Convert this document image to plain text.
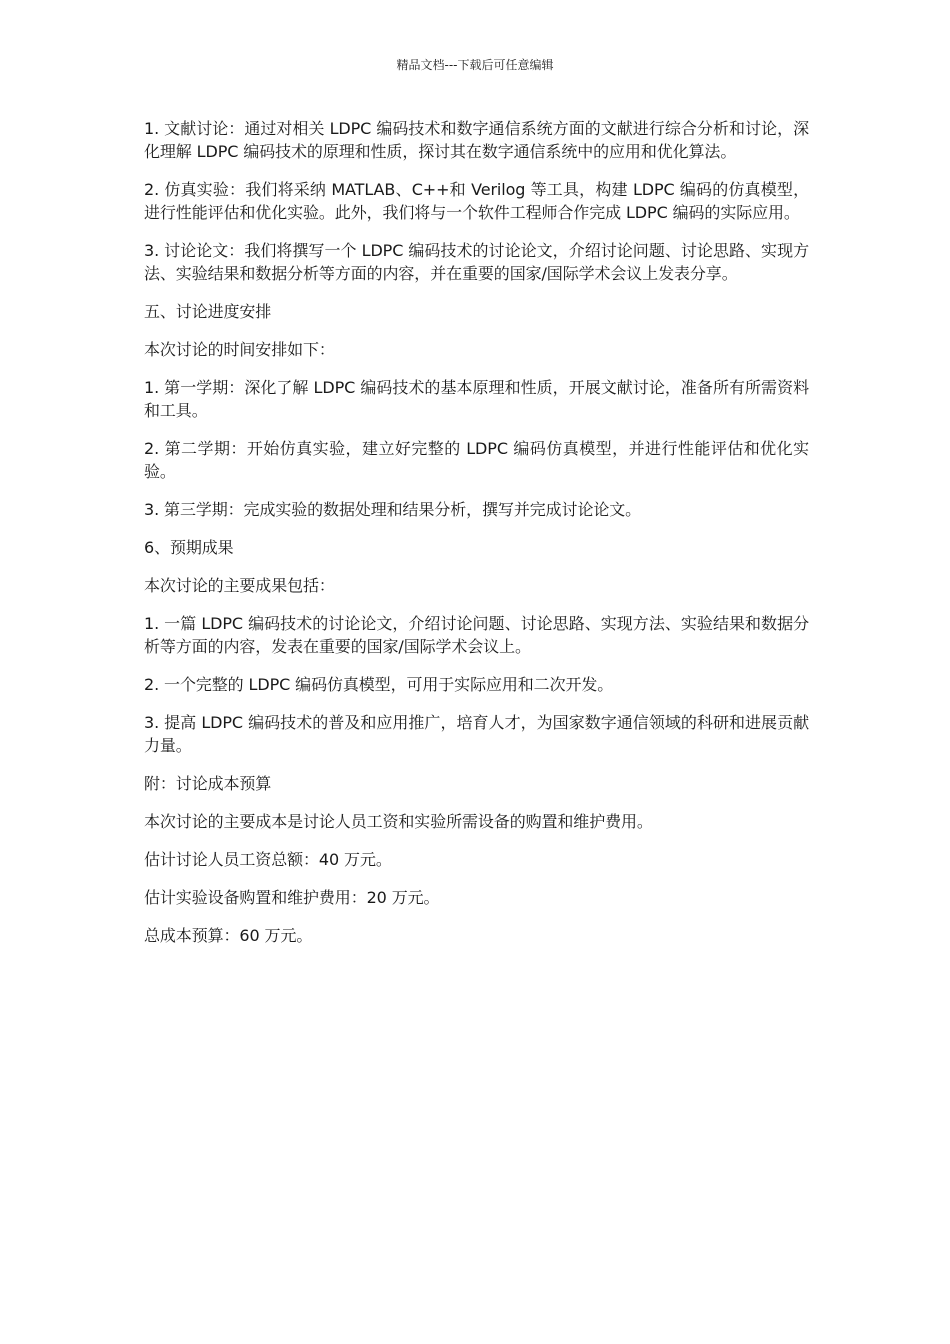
精品文档---下载后可任意编辑

1. 文献讨论：通过对相关 LDPC 编码技术和数字通信系统方面的文献进行综合分析和讨论，深化理解 LDPC 编码技术的原理和性质，探讨其在数字通信系统中的应用和优化算法。

2. 仿真实验：我们将采纳 MATLAB、C++和 Verilog 等工具，构建 LDPC 编码的仿真模型，进行性能评估和优化实验。此外，我们将与一个软件工程师合作完成 LDPC 编码的实际应用。

3. 讨论论文：我们将撰写一个 LDPC 编码技术的讨论论文，介绍讨论问题、讨论思路、实现方法、实验结果和数据分析等方面的内容，并在重要的国家/国际学术会议上发表分享。

五、讨论进度安排

本次讨论的时间安排如下：

1. 第一学期：深化了解 LDPC 编码技术的基本原理和性质，开展文献讨论，准备所有所需资料和工具。

2. 第二学期：开始仿真实验，建立好完整的 LDPC 编码仿真模型，并进行性能评估和优化实验。

3. 第三学期：完成实验的数据处理和结果分析，撰写并完成讨论论文。

6、预期成果

本次讨论的主要成果包括：

1. 一篇 LDPC 编码技术的讨论论文，介绍讨论问题、讨论思路、实现方法、实验结果和数据分析等方面的内容，发表在重要的国家/国际学术会议上。

2. 一个完整的 LDPC 编码仿真模型，可用于实际应用和二次开发。

3. 提高 LDPC 编码技术的普及和应用推广，培育人才，为国家数字通信领域的科研和进展贡献力量。

附：讨论成本预算

本次讨论的主要成本是讨论人员工资和实验所需设备的购置和维护费用。

估计讨论人员工资总额：40 万元。

估计实验设备购置和维护费用：20 万元。

总成本预算：60 万元。
